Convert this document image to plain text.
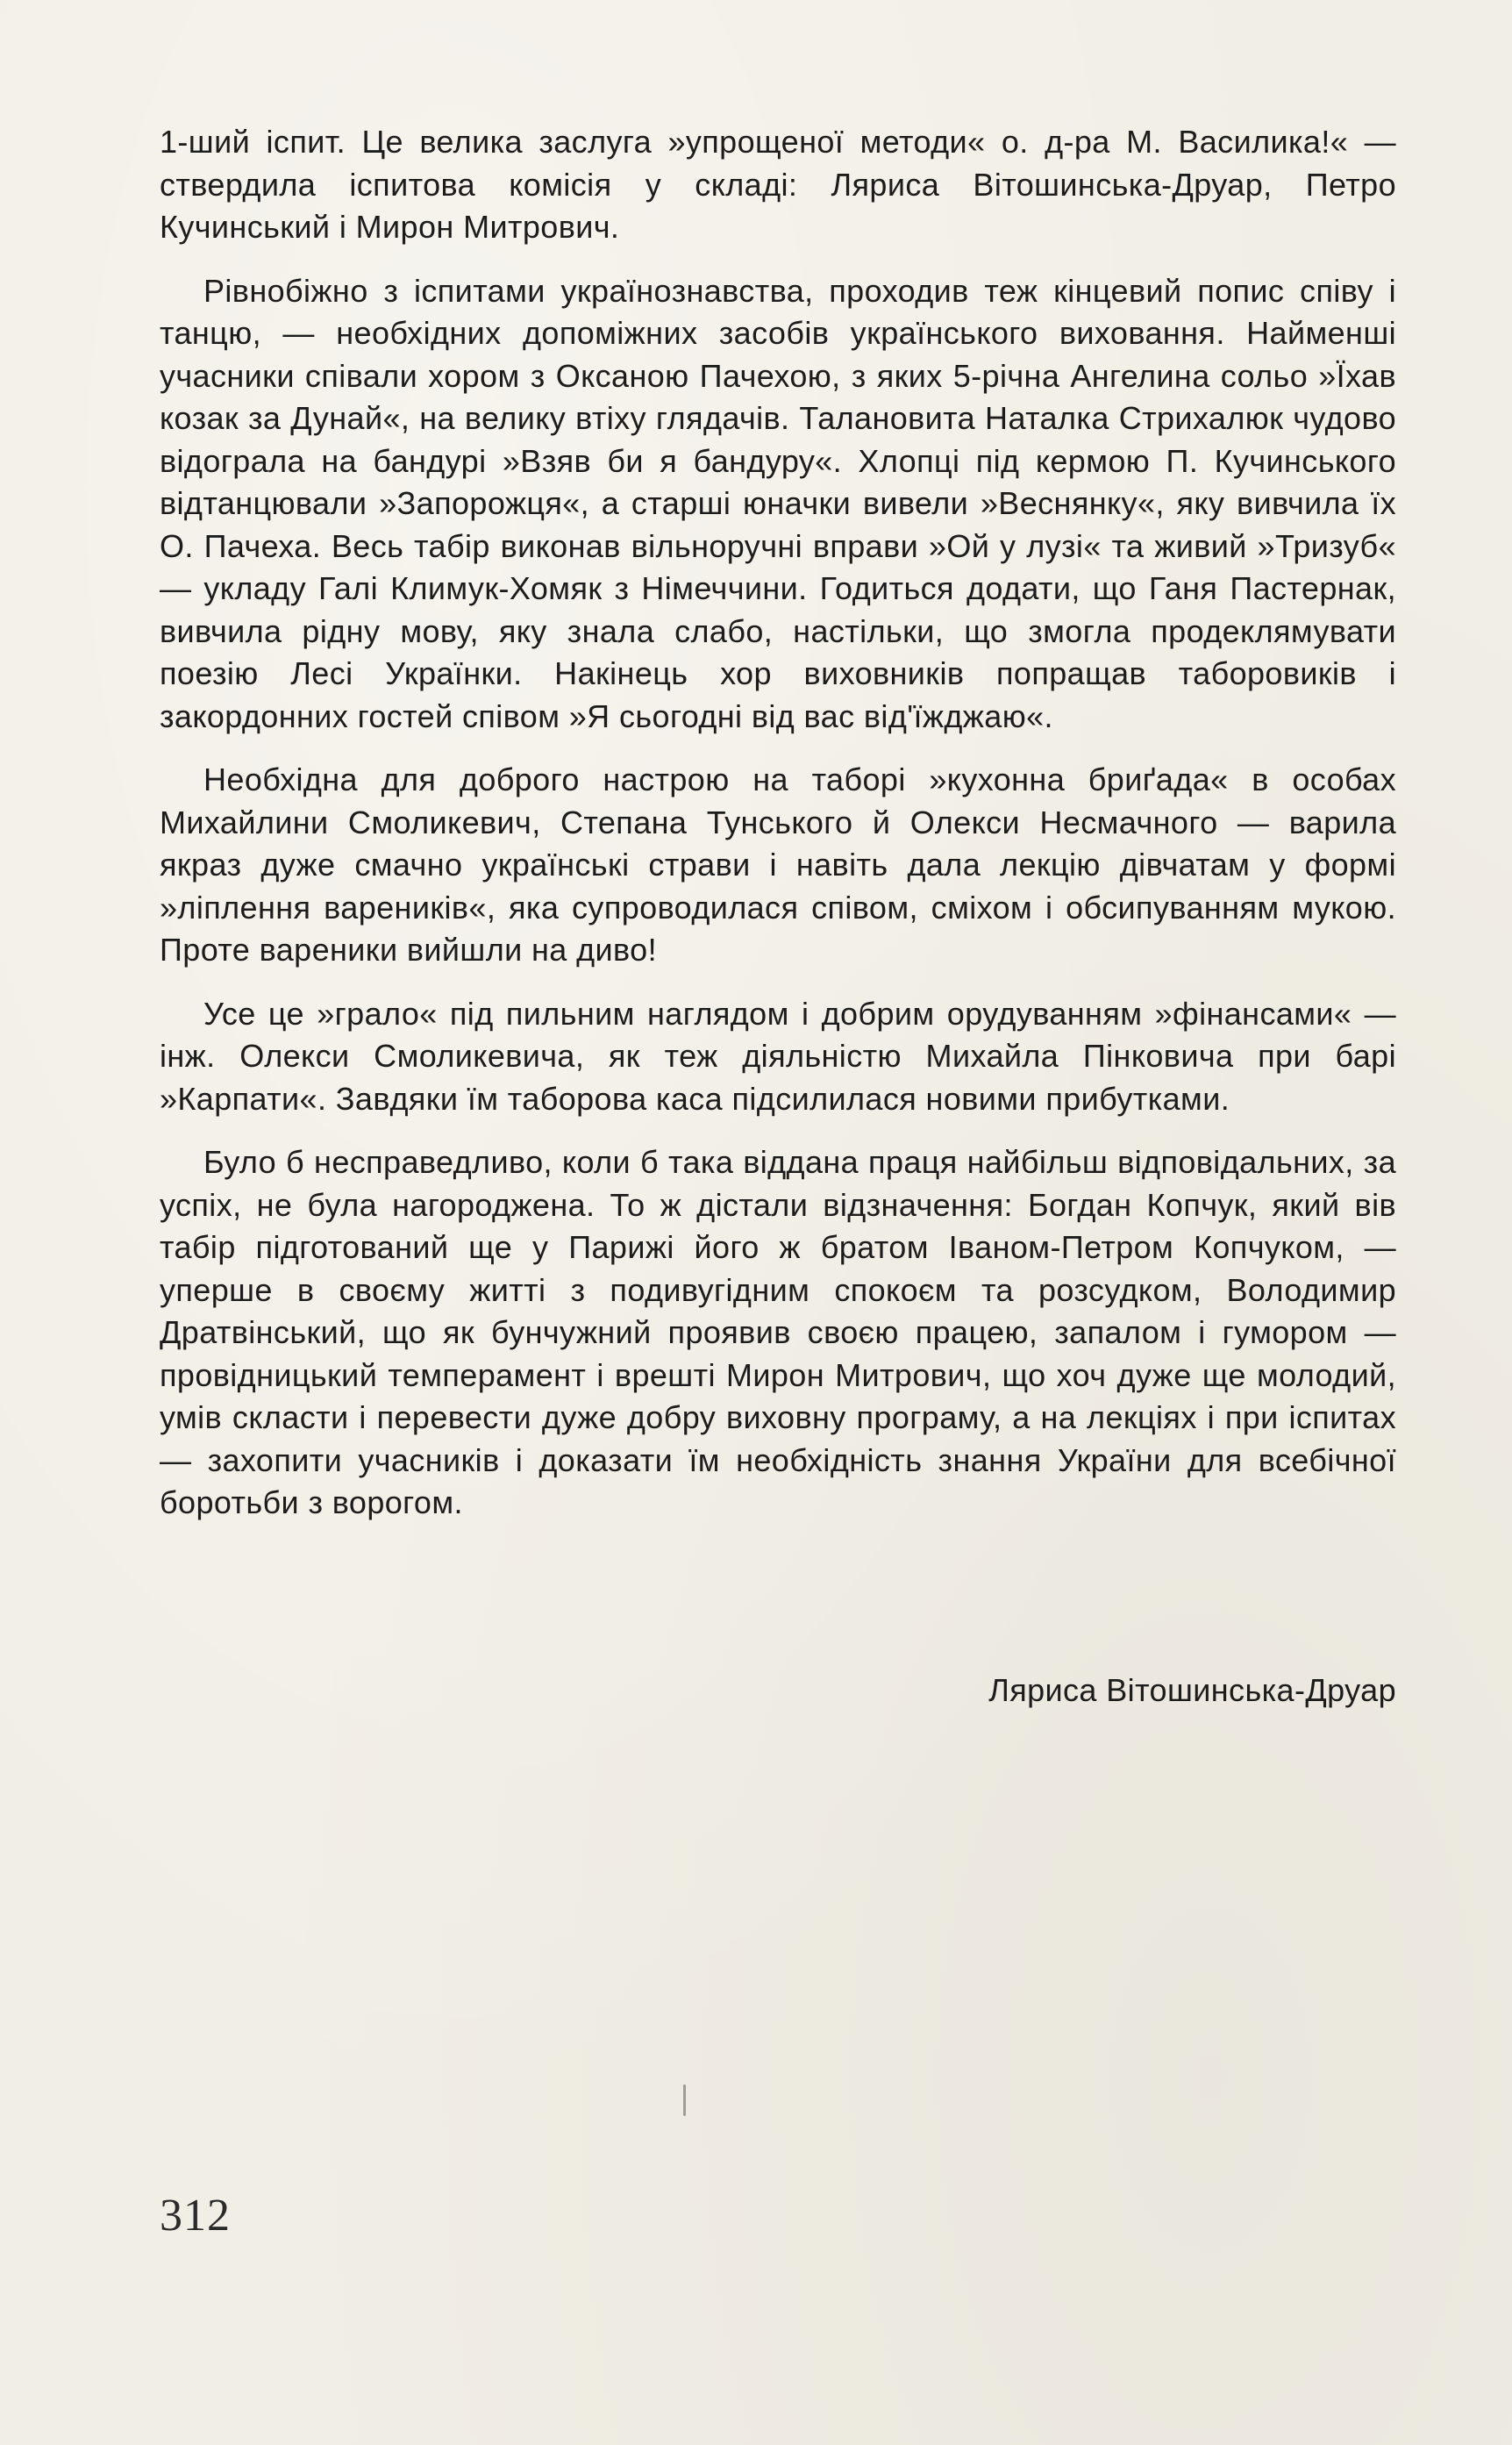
1-ший іспит. Це велика заслуга »упрощеної методи« о. д-ра М. Василика!« — ствердила іспитова комісія у складі: Ляриса Вітошинська-Друар, Петро Кучинський і Мирон Митрович.

Рівнобіжно з іспитами українознавства, проходив теж кінцевий попис співу і танцю, — необхідних допоміжних засобів українського виховання. Найменші учасники співали хором з Оксаною Пачехою, з яких 5-річна Ангелина сольо »Їхав козак за Дунай«, на велику втіху глядачів. Талановита Наталка Стрихалюк чудово відограла на бандурі »Взяв би я бандуру«. Хлопці під кермою П. Кучинського відтанцювали »Запорожця«, а старші юначки вивели »Веснянку«, яку вивчила їх О. Пачеха. Весь табір виконав вільноручні вправи »Ой у лузі« та живий »Тризуб« — укладу Галі Климук-Хомяк з Німеччини. Годиться додати, що Ганя Пастернак, вивчила рідну мову, яку знала слабо, настільки, що змогла продеклямувати поезію Лесі Українки. Накінець хор виховників попращав таборовиків і закордонних гостей співом »Я сьогодні від вас від'їжджаю«.

Необхідна для доброго настрою на таборі »кухонна бриґада« в особах Михайлини Смоликевич, Степана Тунського й Олекси Несмачного — варила якраз дуже смачно українські страви і навіть дала лекцію дівчатам у формі »ліплення вареників«, яка супроводилася співом, сміхом і обсипуванням мукою. Проте вареники вийшли на диво!

Усе це »грало« під пильним наглядом і добрим орудуванням »фінансами« — інж. Олекси Смоликевича, як теж діяльністю Михайла Пінковича при барі »Карпати«. Завдяки їм таборова каса підсилилася новими прибутками.

Було б несправедливо, коли б така віддана праця найбільш відповідальних, за успіх, не була нагороджена. То ж дістали відзначення: Богдан Копчук, який вів табір підготований ще у Парижі його ж братом Іваном-Петром Копчуком, — уперше в своєму житті з подивугідним спокоєм та розсудком, Володимир Дратвінський, що як бунчужний проявив своєю працею, запалом і гумором — провідницький темперамент і врешті Мирон Митрович, що хоч дуже ще молодий, умів скласти і перевести дуже добру виховну програму, а на лекціях і при іспитах — захопити учасників і доказати їм необхідність знання України для всебічної боротьби з ворогом.

Ляриса Вітошинська-Друар
312
